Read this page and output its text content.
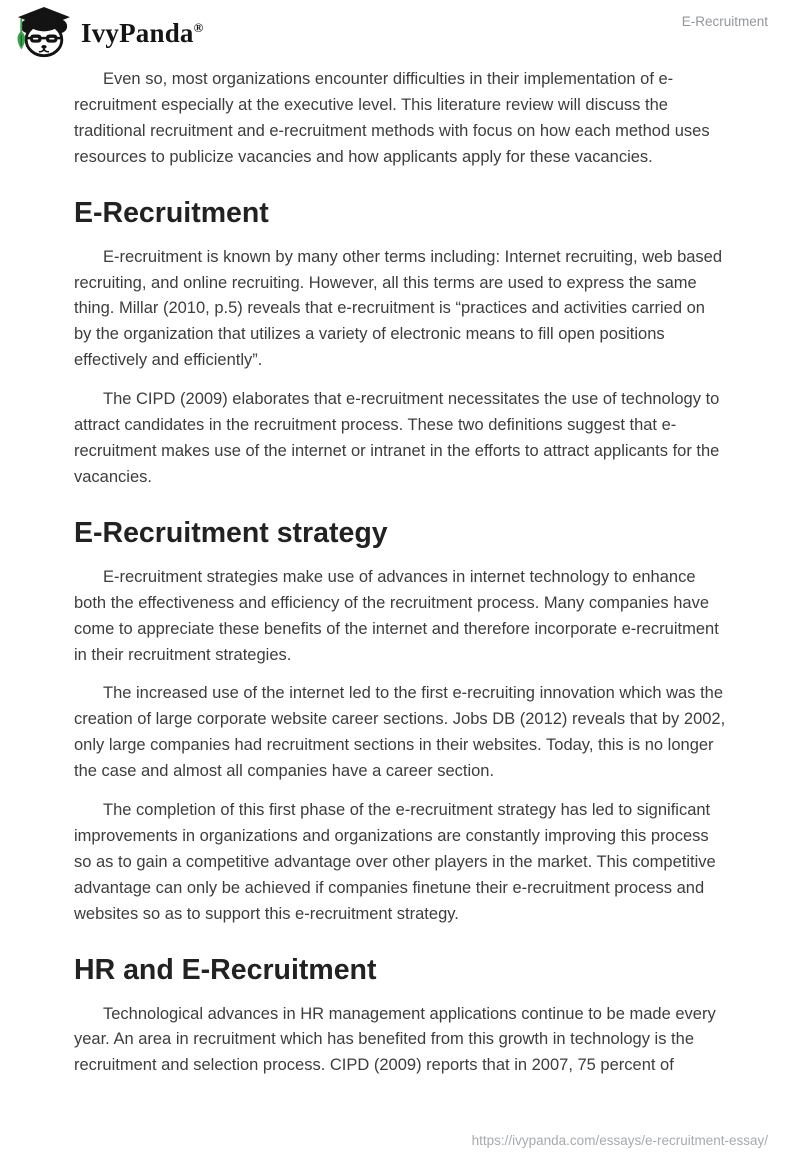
IvyPanda®	E-Recruitment

Even so, most organizations encounter difficulties in their implementation of e-recruitment especially at the executive level. This literature review will discuss the traditional recruitment and e-recruitment methods with focus on how each method uses resources to publicize vacancies and how applicants apply for these vacancies.

E-Recruitment

E-recruitment is known by many other terms including: Internet recruiting, web based recruiting, and online recruiting. However, all this terms are used to express the same thing. Millar (2010, p.5) reveals that e-recruitment is “practices and activities carried on by the organization that utilizes a variety of electronic means to fill open positions effectively and efficiently”.

The CIPD (2009) elaborates that e-recruitment necessitates the use of technology to attract candidates in the recruitment process. These two definitions suggest that e-recruitment makes use of the internet or intranet in the efforts to attract applicants for the vacancies.

E-Recruitment strategy

E-recruitment strategies make use of advances in internet technology to enhance both the effectiveness and efficiency of the recruitment process. Many companies have come to appreciate these benefits of the internet and therefore incorporate e-recruitment in their recruitment strategies.

The increased use of the internet led to the first e-recruiting innovation which was the creation of large corporate website career sections. Jobs DB (2012) reveals that by 2002, only large companies had recruitment sections in their websites. Today, this is no longer the case and almost all companies have a career section.

The completion of this first phase of the e-recruitment strategy has led to significant improvements in organizations and organizations are constantly improving this process so as to gain a competitive advantage over other players in the market. This competitive advantage can only be achieved if companies finetune their e-recruitment process and websites so as to support this e-recruitment strategy.

HR and E-Recruitment

Technological advances in HR management applications continue to be made every year. An area in recruitment which has benefited from this growth in technology is the recruitment and selection process. CIPD (2009) reports that in 2007, 75 percent of

https://ivypanda.com/essays/e-recruitment-essay/
